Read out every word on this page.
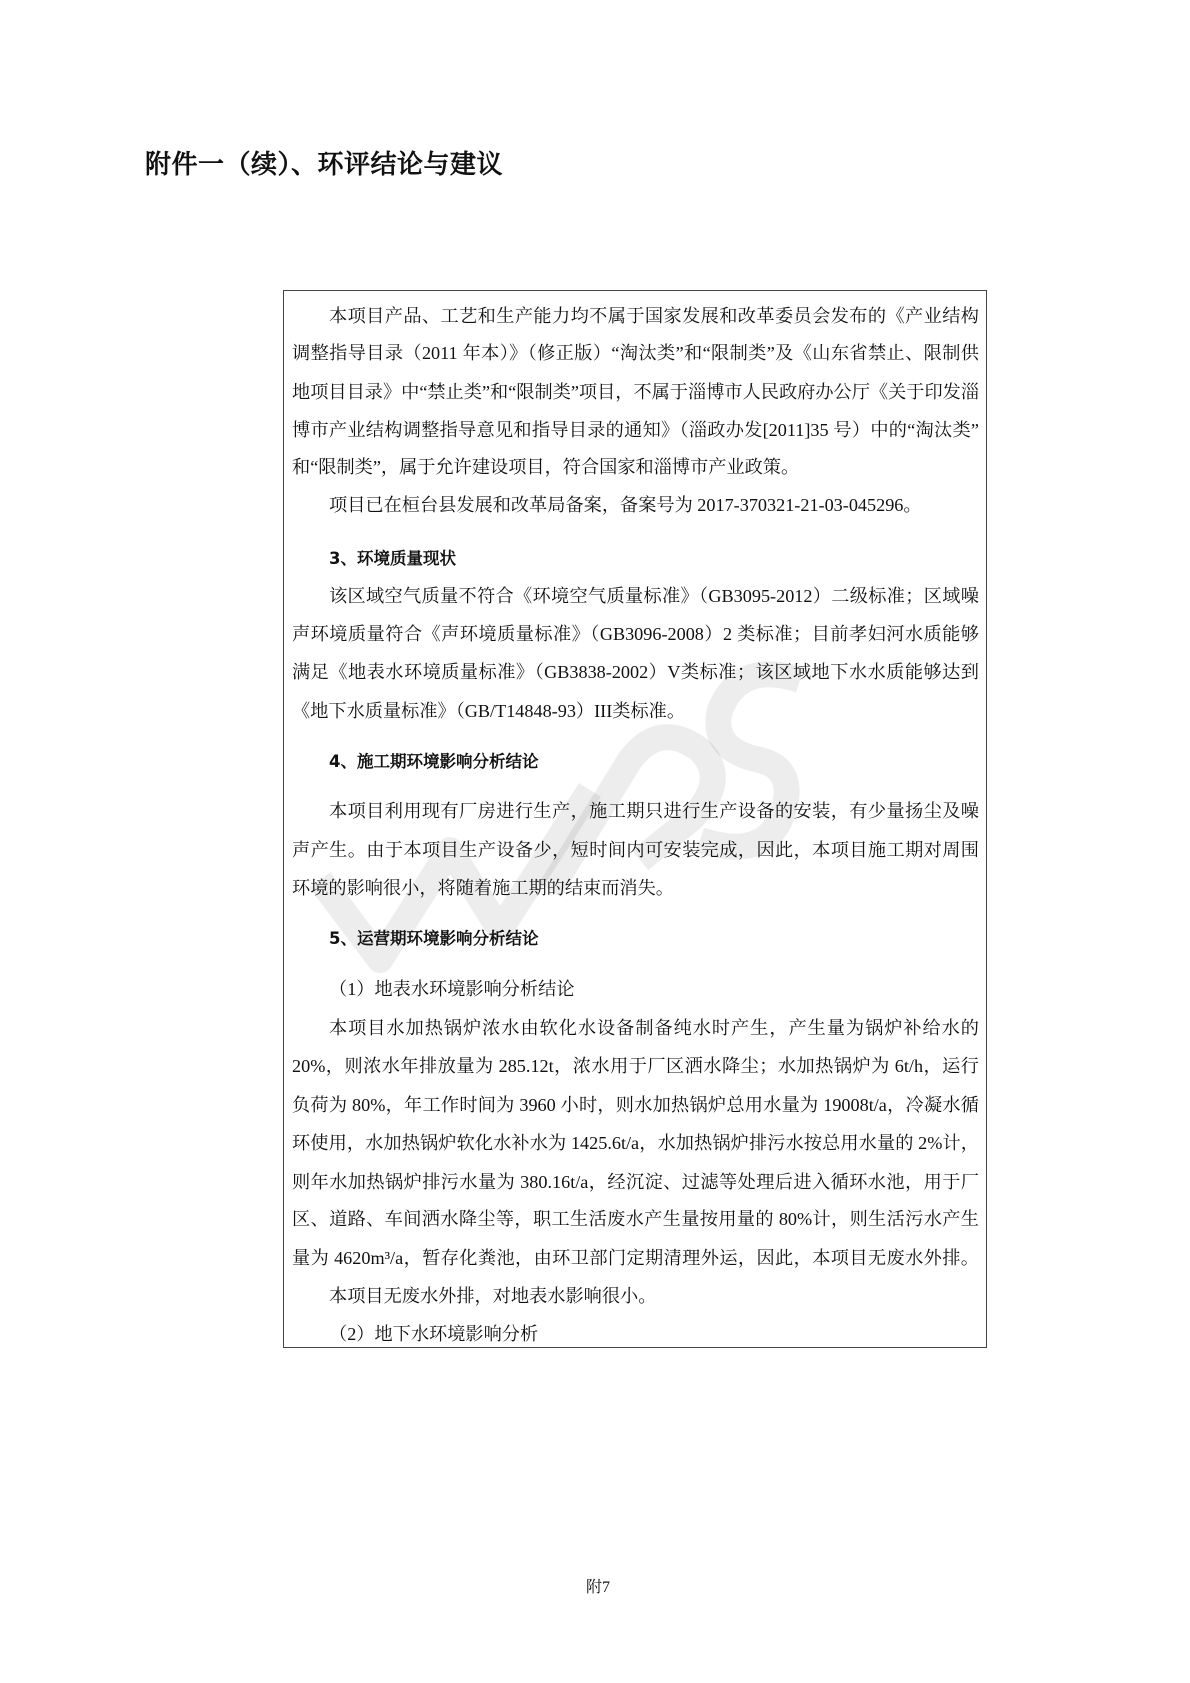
附件一（续）、环评结论与建议
本项目产品、工艺和生产能力均不属于国家发展和改革委员会发布的《产业结构
调整指导目录（2011 年本）》（修正版）“淘汰类”和“限制类”及《山东省禁止、限制供
地项目目录》中“禁止类”和“限制类”项目，不属于淄博市人民政府办公厅《关于印发淄
博市产业结构调整指导意见和指导目录的通知》（淄政办发[2011]35 号）中的“淘汰类”
和“限制类”，属于允许建设项目，符合国家和淄博市产业政策。
项目已在桓台县发展和改革局备案，备案号为 2017-370321-21-03-045296。
3、环境质量现状
该区域空气质量不符合《环境空气质量标准》（GB3095-2012）二级标准；区域噪
声环境质量符合《声环境质量标准》（GB3096-2008）2 类标准；目前孝妇河水质能够
满足《地表水环境质量标准》（GB3838-2002）V类标准；该区域地下水水质能够达到
《地下水质量标准》（GB/T14848-93）III类标准。
4、施工期环境影响分析结论
本项目利用现有厂房进行生产，施工期只进行生产设备的安装，有少量扬尘及噪
声产生。由于本项目生产设备少，短时间内可安装完成，因此，本项目施工期对周围
环境的影响很小，将随着施工期的结束而消失。
5、运营期环境影响分析结论
（1）地表水环境影响分析结论
本项目水加热锅炉浓水由软化水设备制备纯水时产生，产生量为锅炉补给水的
20%，则浓水年排放量为 285.12t，浓水用于厂区洒水降尘；水加热锅炉为 6t/h，运行
负荷为 80%，年工作时间为 3960 小时，则水加热锅炉总用水量为 19008t/a，冷凝水循
环使用，水加热锅炉软化水补水为 1425.6t/a，水加热锅炉排污水按总用水量的 2%计，
则年水加热锅炉排污水量为 380.16t/a，经沉淀、过滤等处理后进入循环水池，用于厂
区、道路、车间洒水降尘等，职工生活废水产生量按用量的 80%计，则生活污水产生
量为 4620m³/a，暂存化粪池，由环卫部门定期清理外运，因此，本项目无废水外排。
本项目无废水外排，对地表水影响很小。
（2）地下水环境影响分析
附7
